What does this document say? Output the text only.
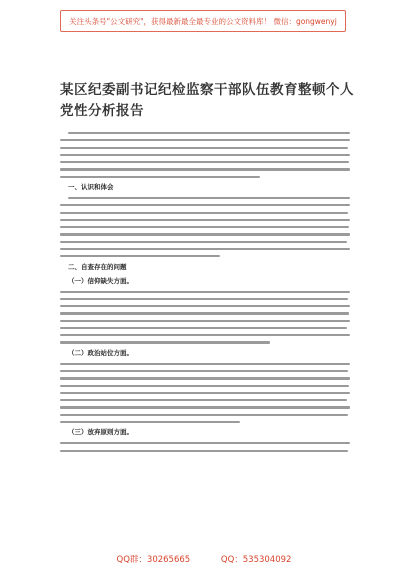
关注头条号"公文研究"，获得最新最全最专业的公文资料库！ 微信：gongwenyj
某区纪委副书记纪检监察干部队伍教育整顿个人党性分析报告
一、认识和体会
二、自查存在的问题
（一）信仰缺失方面。
（二）政治站位方面。
（三）放弃原则方面。
QQ群：30265665	QQ：535304092
